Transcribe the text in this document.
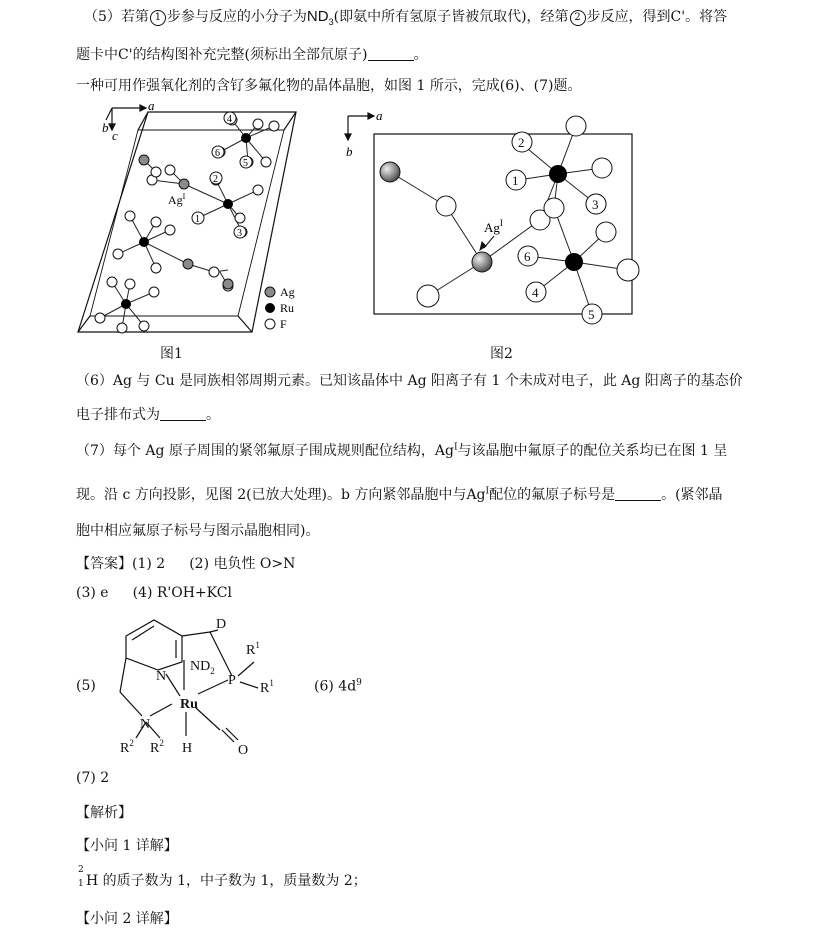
（5）若第 1 步参与反应的小分子为$ND_3$(即氨中所有氢原子皆被氘取代)，经第 2 步反应，得到C'。将答
题卡中C'的结构图补充完整(须标出全部氘原子)	。
一种可用作强氧化剂的含钌多氟化物的晶体晶胞，如图 1 所示，完成(6)、(7)题。
a
b
c
4
5
6
2
1
3
$Ag^I$
Ag
Ru
F
图1
a
b
2
1
3
6
4
5
$Ag^I$
图2
（6）Ag 与 Cu 是同族相邻周期元素。已知该晶体中 Ag 阳离子有 1 个未成对电子，此 Ag 阳离子的基态价
电子排布式为	。
（7）每个 Ag 原子周围的紧邻氟原子围成规则配位结构，$Ag^I$与该晶胞中氟原子的配位关系均已在图 1 呈
现。沿 c 方向投影，见图 2(已放大处理)。b 方向紧邻晶胞中与$Ag^I$配位的氟原子标号是	。(紧邻晶
胞中相应氟原子标号与图示晶胞相同)。
【答案】(1) 2 (2) 电负性 O>N
(3) e (4) R'OH+KCl
(5)
D
$R^1$
$R^1$
N
$ND_2$
P
Ru
N
$R^2$ $R^2$ H	O
(6) $4d^9$
(7) 2
【解析】
【小问 1 详解】
2
1 H 的质子数为 1，中子数为 1，质量数为 2；
【小问 2 详解】
